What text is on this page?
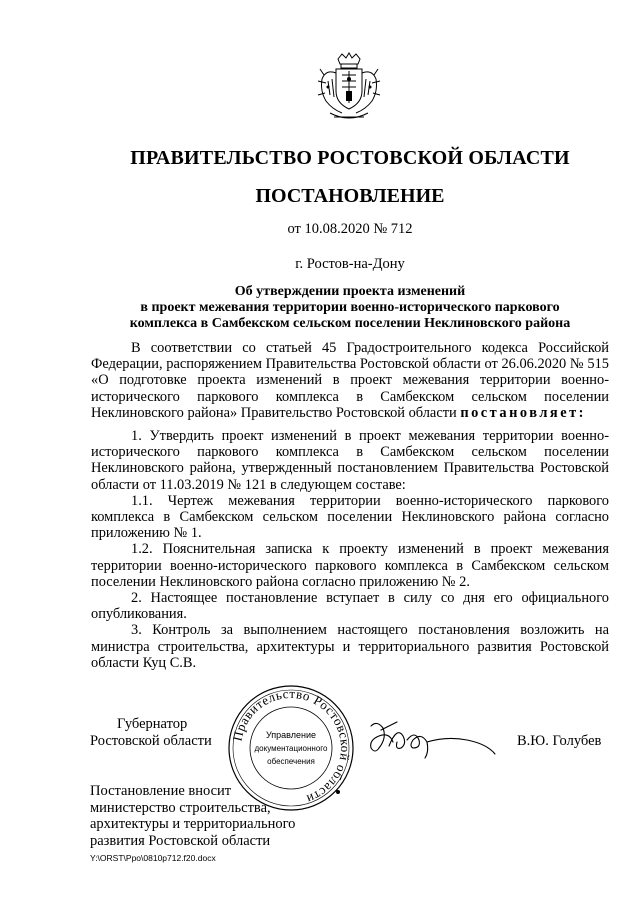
ПРАВИТЕЛЬСТВО РОСТОВСКОЙ ОБЛАСТИ
ПОСТАНОВЛЕНИЕ
от 10.08.2020 № 712
г. Ростов-на-Дону
Об утверждении проекта изменений
в проект межевания территории военно-исторического паркового
комплекса в Самбекском сельском поселении Неклиновского района

В соответствии со статьей 45 Градостроительного кодекса Российской Федерации, распоряжением Правительства Ростовской области от 26.06.2020 № 515 «О подготовке проекта изменений в проект межевания территории военно-исторического паркового комплекса в Самбекском сельском поселении Неклиновского района» Правительство Ростовской области постановляет:

1. Утвердить проект изменений в проект межевания территории военно-исторического паркового комплекса в Самбекском сельском поселении Неклиновского района, утвержденный постановлением Правительства Ростовской области от 11.03.2019 № 121 в следующем составе:

1.1. Чертеж межевания территории военно-исторического паркового комплекса в Самбекском сельском поселении Неклиновского района согласно приложению № 1.

1.2. Пояснительная записка к проекту изменений в проект межевания территории военно-исторического паркового комплекса в Самбекском сельском поселении Неклиновского района согласно приложению № 2.

2. Настоящее постановление вступает в силу со дня его официального опубликования.

3. Контроль за выполнением настоящего постановления возложить на министра строительства, архитектуры и территориального развития Ростовской области Куц С.В.

Губернатор
Ростовской области Правительство Ростовской области
Управление
документационного
обеспечения
В.Ю. Голубев
Постановление вносит
министерство строительства,
архитектуры и территориального
развития Ростовской области
Y:\ORST\Ppo\0810p712.f20.docx
